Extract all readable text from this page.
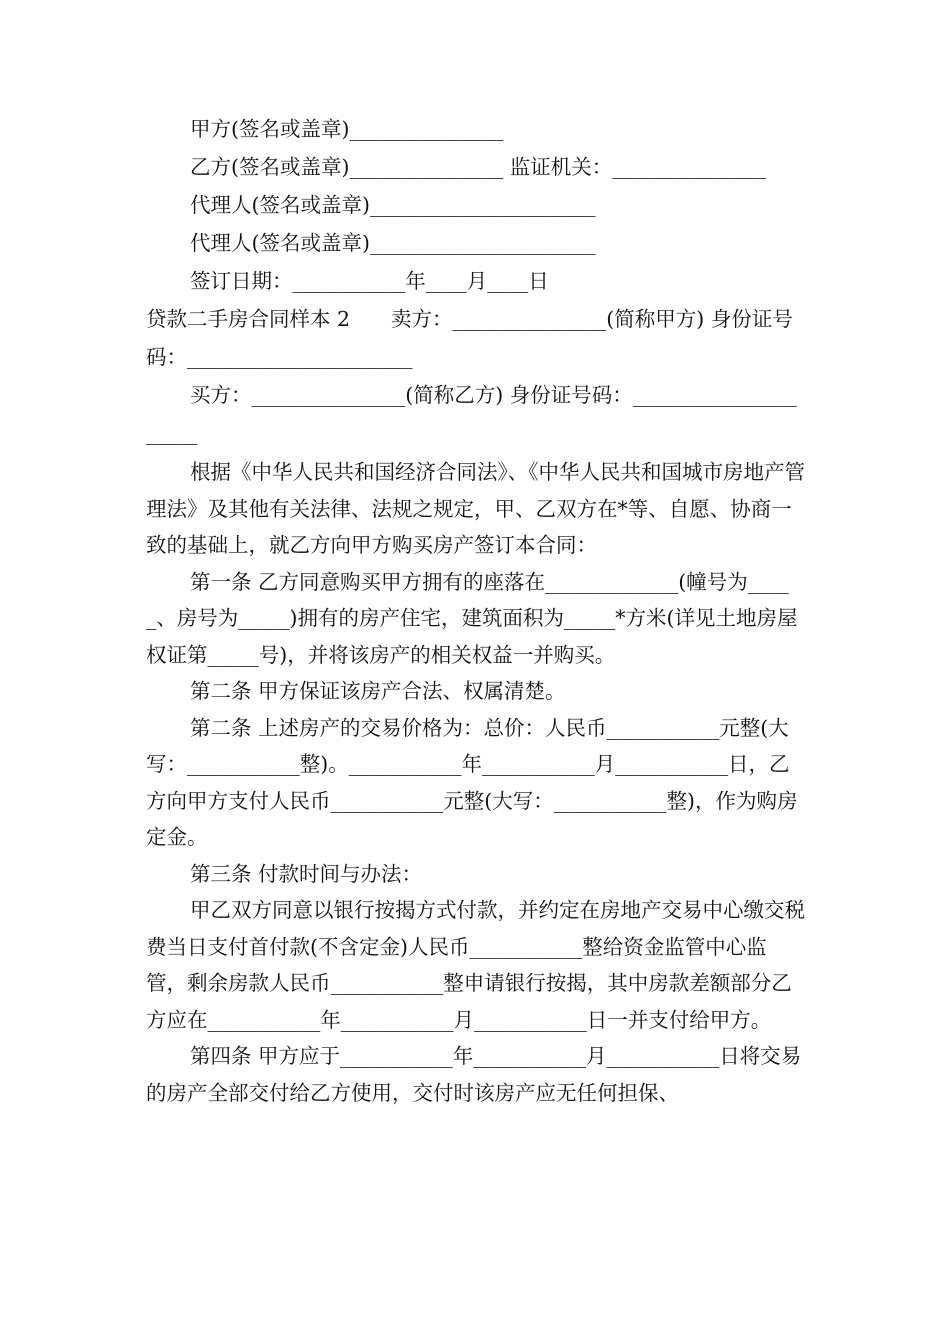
甲方(签名或盖章)_______________

乙方(签名或盖章)_______________ 监证机关：_______________

代理人(签名或盖章)______________________

代理人(签名或盖章)______________________

签订日期：___________年____月____日

贷款二手房合同样本 2　　卖方：_______________(简称甲方) 身份证号码：______________________

买方：_______________(简称乙方) 身份证号码：_____________________

根据《中华人民共和国经济合同法》、《中华人民共和国城市房地产管理法》及其他有关法律、法规之规定，甲、乙双方在*等、自愿、协商一致的基础上，就乙方向甲方购买房产签订本合同：

第一条 乙方同意购买甲方拥有的座落在_____________(幢号为_____、房号为_____)拥有的房产住宅，建筑面积为_____*方米(详见土地房屋权证第_____号)，并将该房产的相关权益一并购买。

第二条 甲方保证该房产合法、权属清楚。

第二条 上述房产的交易价格为：总价：人民币___________元整(大写：___________整)。___________年___________月___________日，乙方向甲方支付人民币___________元整(大写：___________整)，作为购房定金。

第三条 付款时间与办法：

甲乙双方同意以银行按揭方式付款，并约定在房地产交易中心缴交税费当日支付首付款(不含定金)人民币___________整给资金监管中心监管，剩余房款人民币___________整申请银行按揭，其中房款差额部分乙方应在___________年___________月___________日一并支付给甲方。

第四条 甲方应于___________年___________月___________日将交易的房产全部交付给乙方使用，交付时该房产应无任何担保、
